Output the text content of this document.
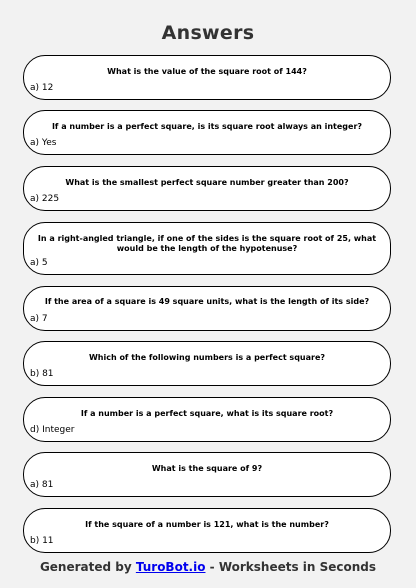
Answers
What is the value of the square root of 144?
a) 12
If a number is a perfect square, is its square root always an integer?
a) Yes
What is the smallest perfect square number greater than 200?
a) 225
In a right-angled triangle, if one of the sides is the square root of 25, what would be the length of the hypotenuse?
a) 5
If the area of a square is 49 square units, what is the length of its side?
a) 7
Which of the following numbers is a perfect square?
b) 81
If a number is a perfect square, what is its square root?
d) Integer
What is the square of 9?
a) 81
If the square of a number is 121, what is the number?
b) 11
Generated by TuroBot.io - Worksheets in Seconds
